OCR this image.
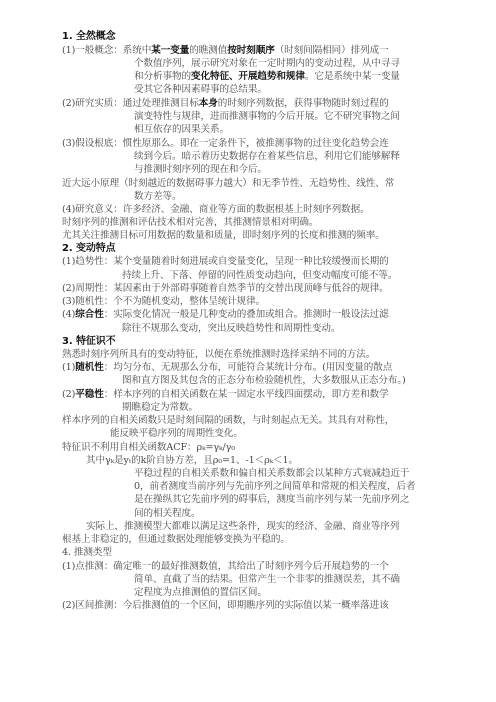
1. 全然概念
(1)一般概念：系统中某一变量的瞧测值按时刻顺序（时刻间隔相同）排列成一
个数值序列，展示研究对象在一定时期内的变动过程，从中寻寻
和分析事物的变化特征、开展趋势和规律。它是系统中某一变量
受其它各种因素碍事的总结果。
(2)研究实质：通过处理推测目标本身的时刻序列数据，获得事物随时刻过程的
演变特性与规律，进而推测事物的今后开展。它不研究事物之间
相互依存的因果关系。
(3)假设根底：惯性原那么。即在一定条件下，被推测事物的过往变化趋势会连
续到今后。暗示着历史数据存在着某些信息，利用它们能够解释
与推测时刻序列的现在和今后。
近大远小原理（时刻越近的数据碍事力越大）和无季节性、无趋势性、线性、常
数方差等。
(4)研究意义：许多经济、金融、商业等方面的数据根基上时刻序列数据。
时刻序列的推测和评估技术相对完善，其推测情景相对明确。
尤其关注推测目标可用数据的数量和质量，即时刻序列的长度和推测的频率。
2. 变动特点
(1)趋势性：某个变量随着时刻进展或自变量变化，呈现一种比较缓慢而长期的
持续上升、下落、停留的同性质变动趋向，但变动幅度可能不等。
(2)周期性：某因素由于外部碍事随着自然季节的交替出现顶峰与低谷的规律。
(3)随机性：个不为随机变动，整体呈统计规律。
(4)综合性：实际变化情况一般是几种变动的叠加或组合。推测时一般设法过滤
除往不规那么变动，突出反映趋势性和周期性变动。
3. 特征识不
熟悉时刻序列所具有的变动特征，以便在系统推测时选择采纳不同的方法。
(1)随机性：均匀分布、无规那么分布，可能符合某统计分布。(用因变量的散点
图和直方图及其包含的正态分布检验随机性，大多数服从正态分布。)
(2)平稳性：样本序列的自相关函数在某一固定水平线四面摆动，即方差和数学
期瞧稳定为常数。
样本序列的自相关函数只是时刻间隔的函数，与时刻起点无关。其具有对称性，
能反映平稳序列的周期性变化。
特征识不利用自相关函数ACF：ρₖ=γₖ/γ₀
其中γₖ是yₜ的k阶自协方差，且ρ₀=1、-1＜ρₖ＜1。
平稳过程的自相关系数和偏自相关系数都会以某种方式衰减趋近于
0，前者测度当前序列与先前序列之间简单和常规的相关程度，后者
是在操纵其它先前序列的碍事后，测度当前序列与某一先前序列之
间的相关程度。
实际上，推测模型大都难以满足这些条件，现实的经济、金融、商业等序列
根基上非稳定的，但通过数据处理能够变换为平稳的。
4. 推测类型
(1)点推测：确定唯一的最好推测数值，其给出了时刻序列今后开展趋势的一个
简单、直截了当的结果。但常产生一个非零的推测误差，其不确
定程度为点推测值的置信区间。
(2)区间推测：今后推测值的一个区间，即期瞧序列的实际值以某一概率落进该
